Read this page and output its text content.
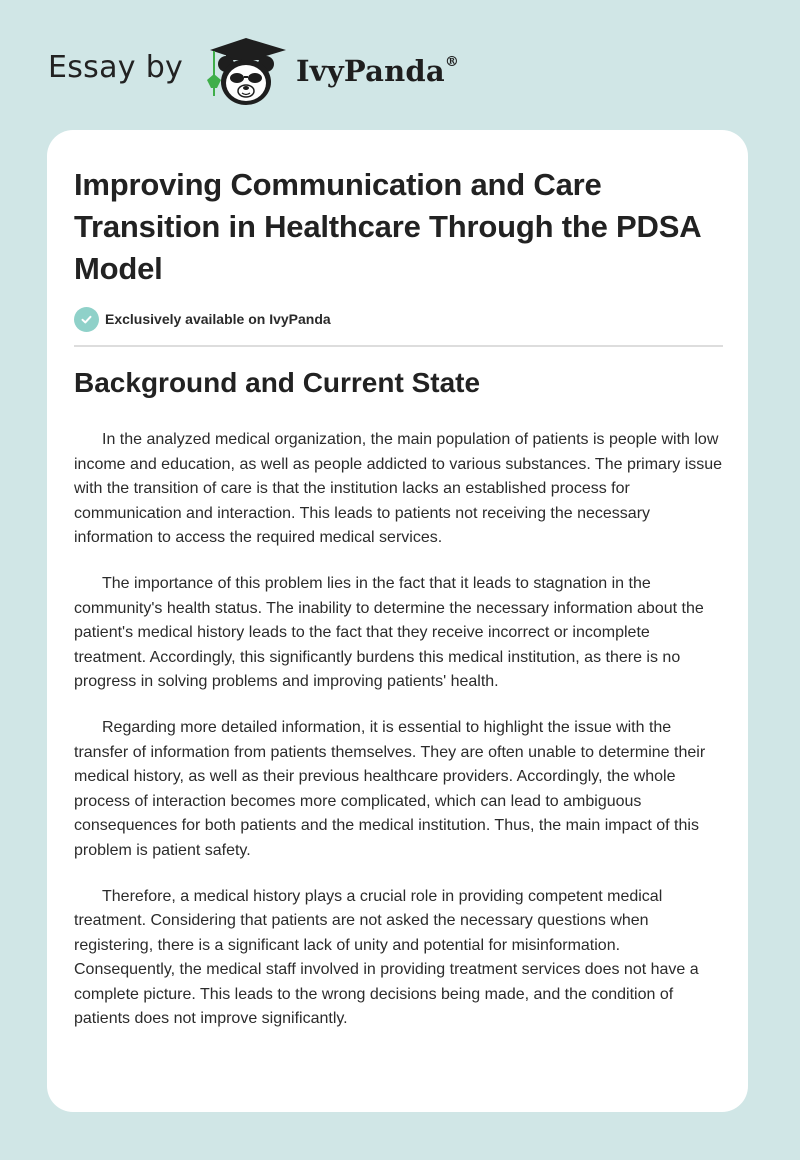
Essay by	IvyPanda®
Improving Communication and Care Transition in Healthcare Through the PDSA Model
Exclusively available on IvyPanda
Background and Current State

In the analyzed medical organization, the main population of patients is people with low income and education, as well as people addicted to various substances. The primary issue with the transition of care is that the institution lacks an established process for communication and interaction. This leads to patients not receiving the necessary information to access the required medical services.

The importance of this problem lies in the fact that it leads to stagnation in the community's health status. The inability to determine the necessary information about the patient's medical history leads to the fact that they receive incorrect or incomplete treatment. Accordingly, this significantly burdens this medical institution, as there is no progress in solving problems and improving patients' health.

Regarding more detailed information, it is essential to highlight the issue with the transfer of information from patients themselves. They are often unable to determine their medical history, as well as their previous healthcare providers. Accordingly, the whole process of interaction becomes more complicated, which can lead to ambiguous consequences for both patients and the medical institution. Thus, the main impact of this problem is patient safety.

Therefore, a medical history plays a crucial role in providing competent medical treatment. Considering that patients are not asked the necessary questions when registering, there is a significant lack of unity and potential for misinformation. Consequently, the medical staff involved in providing treatment services does not have a complete picture. This leads to the wrong decisions being made, and the condition of patients does not improve significantly.
